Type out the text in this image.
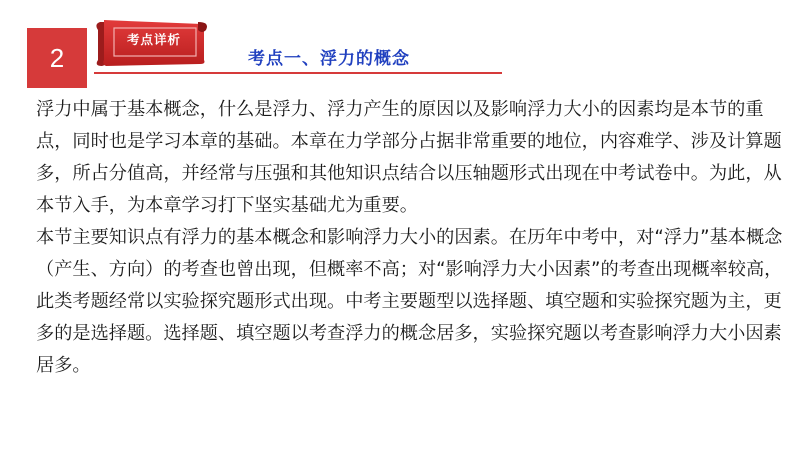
2
考点详析
考点一、浮力的概念

浮力中属于基本概念，什么是浮力、浮力产生的原因以及影响浮力大小的因素均是本节的重点，同时也是学习本章的基础。本章在力学部分占据非常重要的地位，内容难学、涉及计算题多，所占分值高，并经常与压强和其他知识点结合以压轴题形式出现在中考试卷中。为此，从本节入手，为本章学习打下坚实基础尤为重要。

本节主要知识点有浮力的基本概念和影响浮力大小的因素。在历年中考中，对“浮力”基本概念（产生、方向）的考查也曾出现，但概率不高；对“影响浮力大小因素”的考查出现概率较高，此类考题经常以实验探究题形式出现。中考主要题型以选择题、填空题和实验探究题为主，更多的是选择题。选择题、填空题以考查浮力的概念居多，实验探究题以考查影响浮力大小因素居多。
